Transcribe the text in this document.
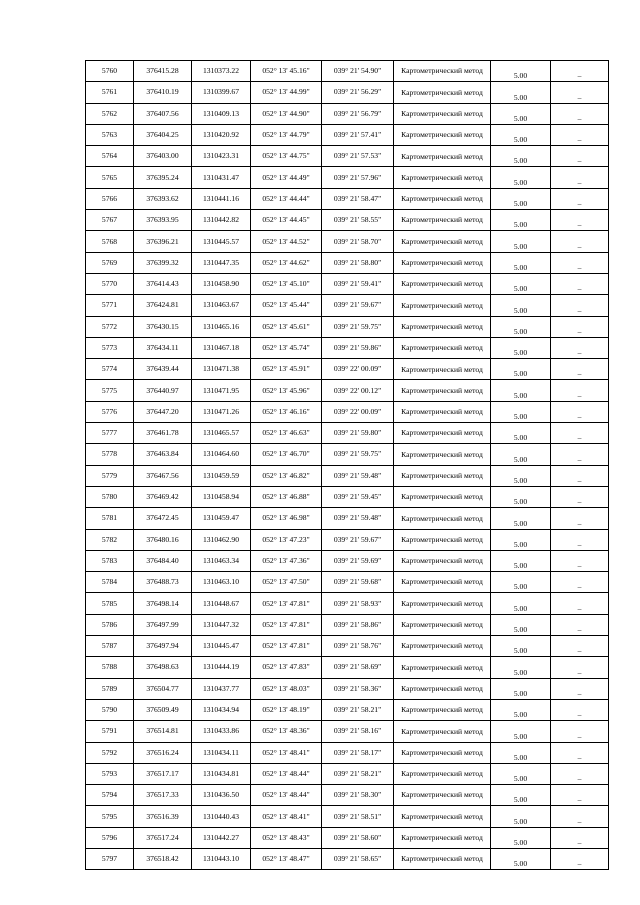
5760	376415.28	1310373.22	052° 13' 45.16"	039° 21' 54.90"	Картометрический метод	5.00	–
5761	376410.19	1310399.67	052° 13' 44.99"	039° 21' 56.29"	Картометрический метод	5.00	–
5762	376407.56	1310409.13	052° 13' 44.90"	039° 21' 56.79"	Картометрический метод	5.00	–
5763	376404.25	1310420.92	052° 13' 44.79"	039° 21' 57.41"	Картометрический метод	5.00	–
5764	376403.00	1310423.31	052° 13' 44.75"	039° 21' 57.53"	Картометрический метод	5.00	–
5765	376395.24	1310431.47	052° 13' 44.49"	039° 21' 57.96"	Картометрический метод	5.00	–
5766	376393.62	1310441.16	052° 13' 44.44"	039° 21' 58.47"	Картометрический метод	5.00	–
5767	376393.95	1310442.82	052° 13' 44.45"	039° 21' 58.55"	Картометрический метод	5.00	–
5768	376396.21	1310445.57	052° 13' 44.52"	039° 21' 58.70"	Картометрический метод	5.00	–
5769	376399.32	1310447.35	052° 13' 44.62"	039° 21' 58.80"	Картометрический метод	5.00	–
5770	376414.43	1310458.90	052° 13' 45.10"	039° 21' 59.41"	Картометрический метод	5.00	–
5771	376424.81	1310463.67	052° 13' 45.44"	039° 21' 59.67"	Картометрический метод	5.00	–
5772	376430.15	1310465.16	052° 13' 45.61"	039° 21' 59.75"	Картометрический метод	5.00	–
5773	376434.11	1310467.18	052° 13' 45.74"	039° 21' 59.86"	Картометрический метод	5.00	–
5774	376439.44	1310471.38	052° 13' 45.91"	039° 22' 00.09"	Картометрический метод	5.00	–
5775	376440.97	1310471.95	052° 13' 45.96"	039° 22' 00.12"	Картометрический метод	5.00	–
5776	376447.20	1310471.26	052° 13' 46.16"	039° 22' 00.09"	Картометрический метод	5.00	–
5777	376461.78	1310465.57	052° 13' 46.63"	039° 21' 59.80"	Картометрический метод	5.00	–
5778	376463.84	1310464.60	052° 13' 46.70"	039° 21' 59.75"	Картометрический метод	5.00	–
5779	376467.56	1310459.59	052° 13' 46.82"	039° 21' 59.48"	Картометрический метод	5.00	–
5780	376469.42	1310458.94	052° 13' 46.88"	039° 21' 59.45"	Картометрический метод	5.00	–
5781	376472.45	1310459.47	052° 13' 46.98"	039° 21' 59.48"	Картометрический метод	5.00	–
5782	376480.16	1310462.90	052° 13' 47.23"	039° 21' 59.67"	Картометрический метод	5.00	–
5783	376484.40	1310463.34	052° 13' 47.36"	039° 21' 59.69"	Картометрический метод	5.00	–
5784	376488.73	1310463.10	052° 13' 47.50"	039° 21' 59.68"	Картометрический метод	5.00	–
5785	376498.14	1310448.67	052° 13' 47.81"	039° 21' 58.93"	Картометрический метод	5.00	–
5786	376497.99	1310447.32	052° 13' 47.81"	039° 21' 58.86"	Картометрический метод	5.00	–
5787	376497.94	1310445.47	052° 13' 47.81"	039° 21' 58.76"	Картометрический метод	5.00	–
5788	376498.63	1310444.19	052° 13' 47.83"	039° 21' 58.69"	Картометрический метод	5.00	–
5789	376504.77	1310437.77	052° 13' 48.03"	039° 21' 58.36"	Картометрический метод	5.00	–
5790	376509.49	1310434.94	052° 13' 48.19"	039° 21' 58.21"	Картометрический метод	5.00	–
5791	376514.81	1310433.86	052° 13' 48.36"	039° 21' 58.16"	Картометрический метод	5.00	–
5792	376516.24	1310434.11	052° 13' 48.41"	039° 21' 58.17"	Картометрический метод	5.00	–
5793	376517.17	1310434.81	052° 13' 48.44"	039° 21' 58.21"	Картометрический метод	5.00	–
5794	376517.33	1310436.50	052° 13' 48.44"	039° 21' 58.30"	Картометрический метод	5.00	–
5795	376516.39	1310440.43	052° 13' 48.41"	039° 21' 58.51"	Картометрический метод	5.00	–
5796	376517.24	1310442.27	052° 13' 48.43"	039° 21' 58.60"	Картометрический метод	5.00	–
5797	376518.42	1310443.10	052° 13' 48.47"	039° 21' 58.65"	Картометрический метод	5.00	–
